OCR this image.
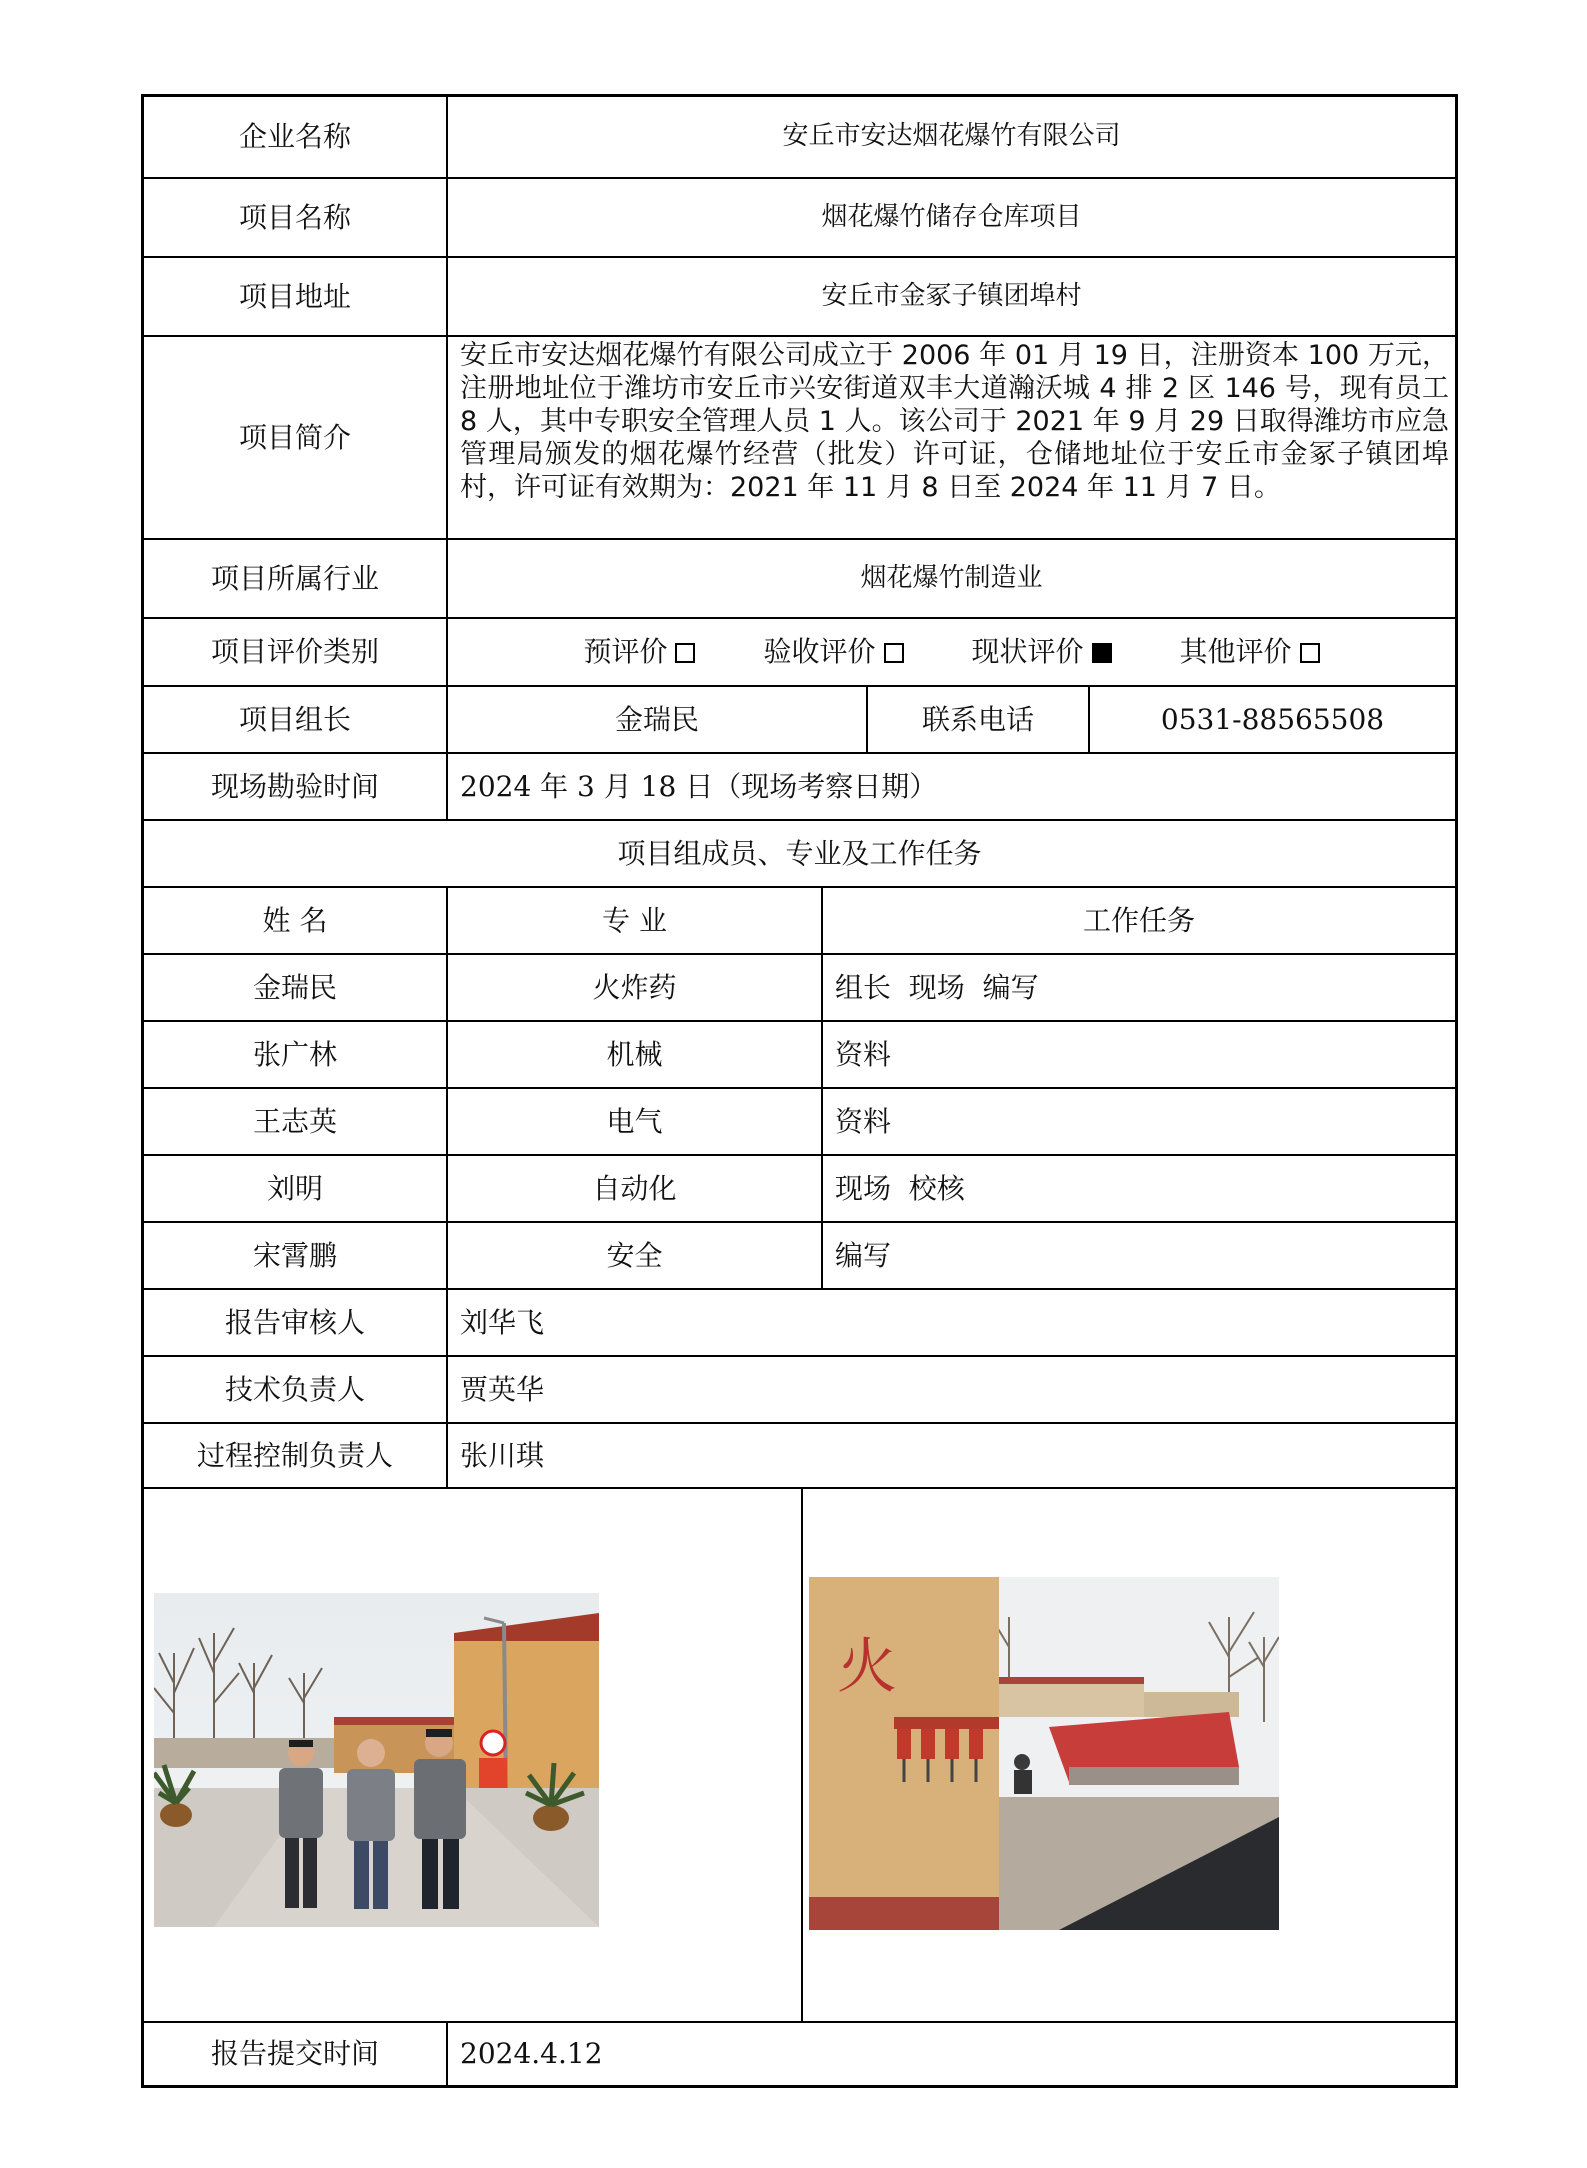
企业名称	安丘市安达烟花爆竹有限公司
项目名称	烟花爆竹储存仓库项目
项目地址	安丘市金冢子镇团埠村
项目简介
安丘市安达烟花爆竹有限公司成立于 2006 年 01 月 19 日，注册资本 100 万元，注册地址位于潍坊市安丘市兴安街道双丰大道瀚沃城 4 排 2 区 146 号，现有员工 8 人，其中专职安全管理人员 1 人。该公司于 2021 年 9 月 29 日取得潍坊市应急管理局颁发的烟花爆竹经营（批发）许可证，仓储地址位于安丘市金冢子镇团埠村，许可证有效期为：2021 年 11 月 8 日至 2024 年 11 月 7 日。
项目所属行业	烟花爆竹制造业
项目评价类别	预评价	验收评价	现状评价	其他评价
项目组长	金瑞民	联系电话	0531-88565508
现场勘验时间	2024 年 3 月 18 日（现场考察日期）
项目组成员、专业及工作任务
姓 名	专 业	工作任务
金瑞民	火炸药	组长  现场  编写
张广林	机械	资料
王志英	电气	资料
刘明	自动化	现场  校核
宋霄鹏	安全	编写
报告审核人	刘华飞
技术负责人	贾英华
过程控制负责人	张川琪
火
报告提交时间	2024.4.12
